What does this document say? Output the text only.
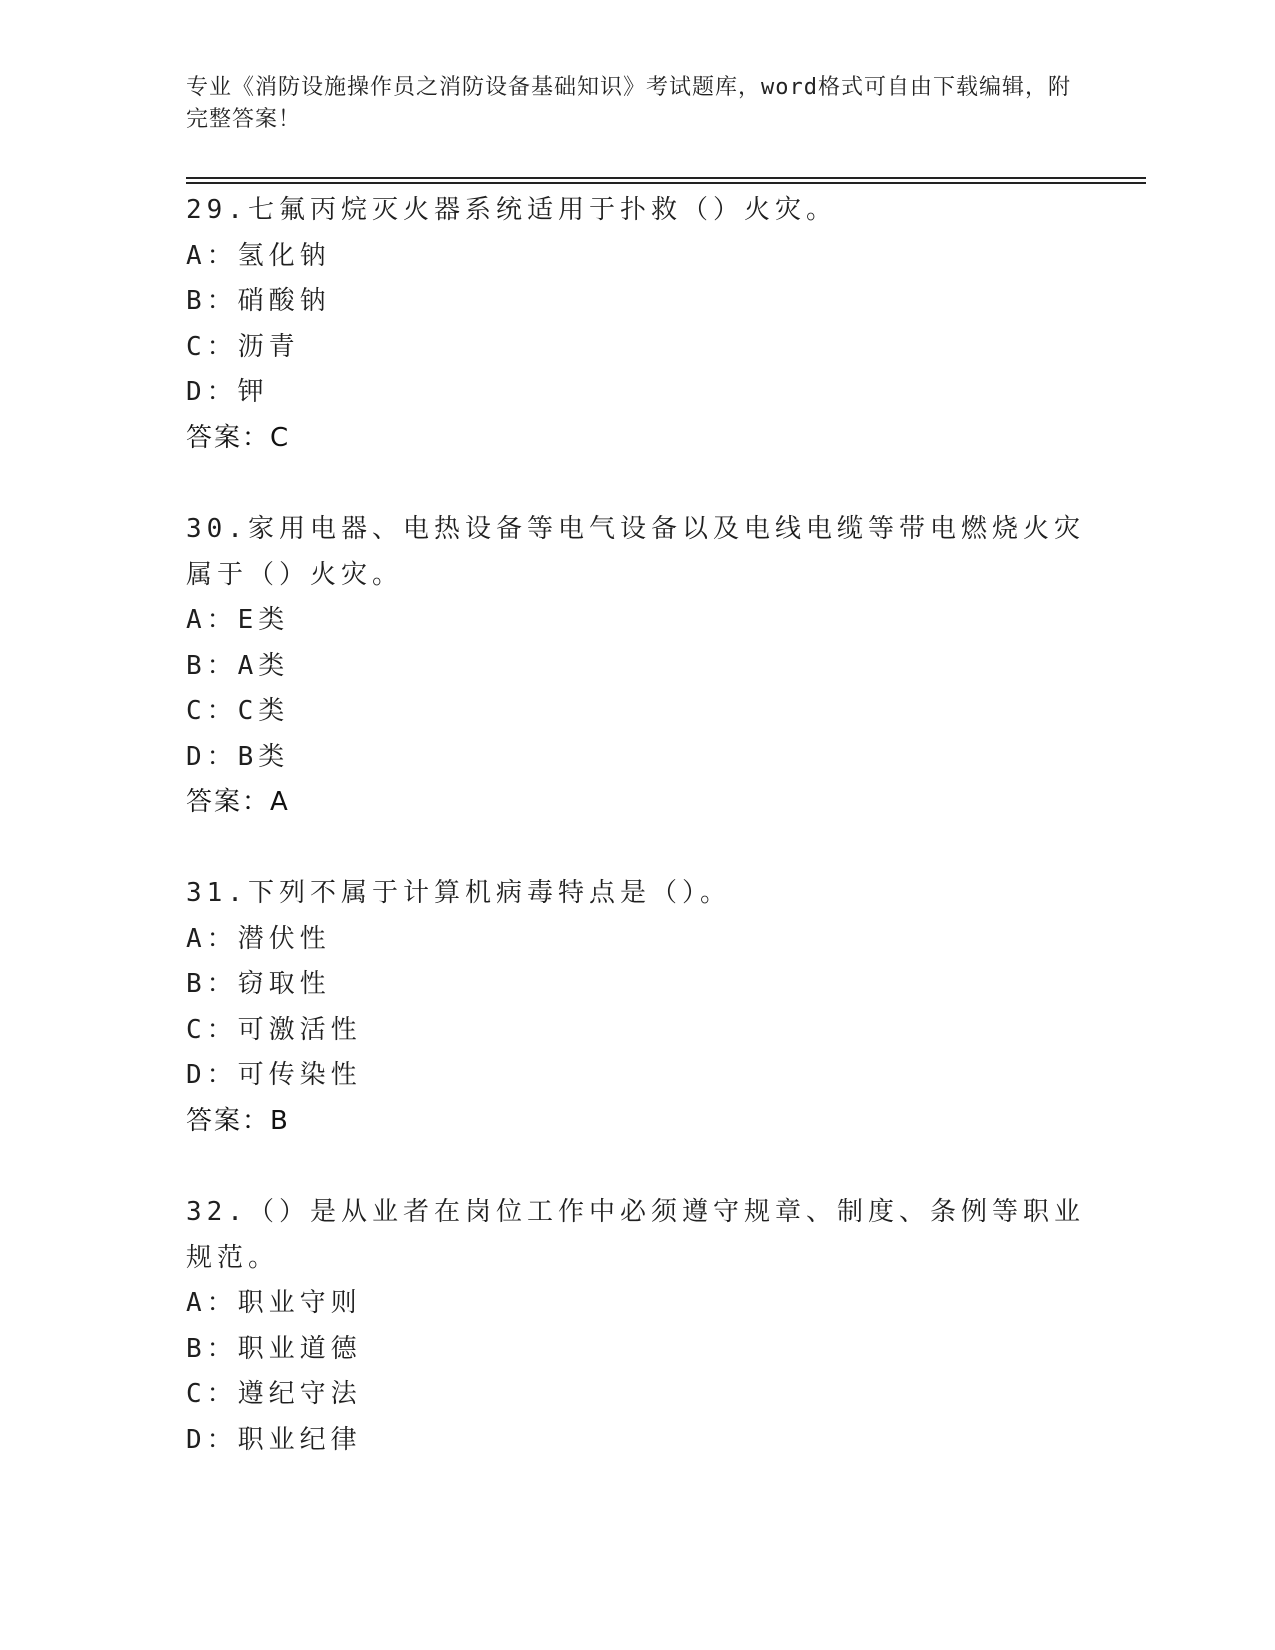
专业《消防设施操作员之消防设备基础知识》考试题库，word格式可自由下载编辑，附完整答案！
29.七氟丙烷灭火器系统适用于扑救（）火灾。
A：氢化钠
B：硝酸钠
C：沥青
D：钾
答案：C
30.家用电器、电热设备等电气设备以及电线电缆等带电燃烧火灾属于（）火灾。
A：E类
B：A类
C：C类
D：B类
答案：A
31.下列不属于计算机病毒特点是（）。
A：潜伏性
B：窃取性
C：可激活性
D：可传染性
答案：B
32.（）是从业者在岗位工作中必须遵守规章、制度、条例等职业规范。
A：职业守则
B：职业道德
C：遵纪守法
D：职业纪律
